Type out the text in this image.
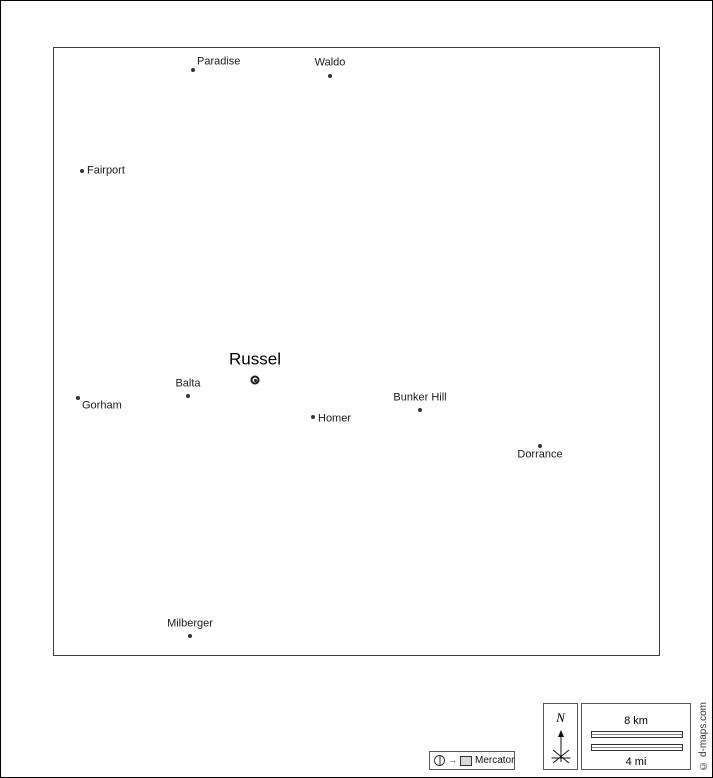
Paradise	Waldo
Fairport
Balta
Gorham
Homer
Bunker Hill
Dorrance
Milberger
Russel
→ Mercator
N	8 km
4 mi	© d-maps.com
